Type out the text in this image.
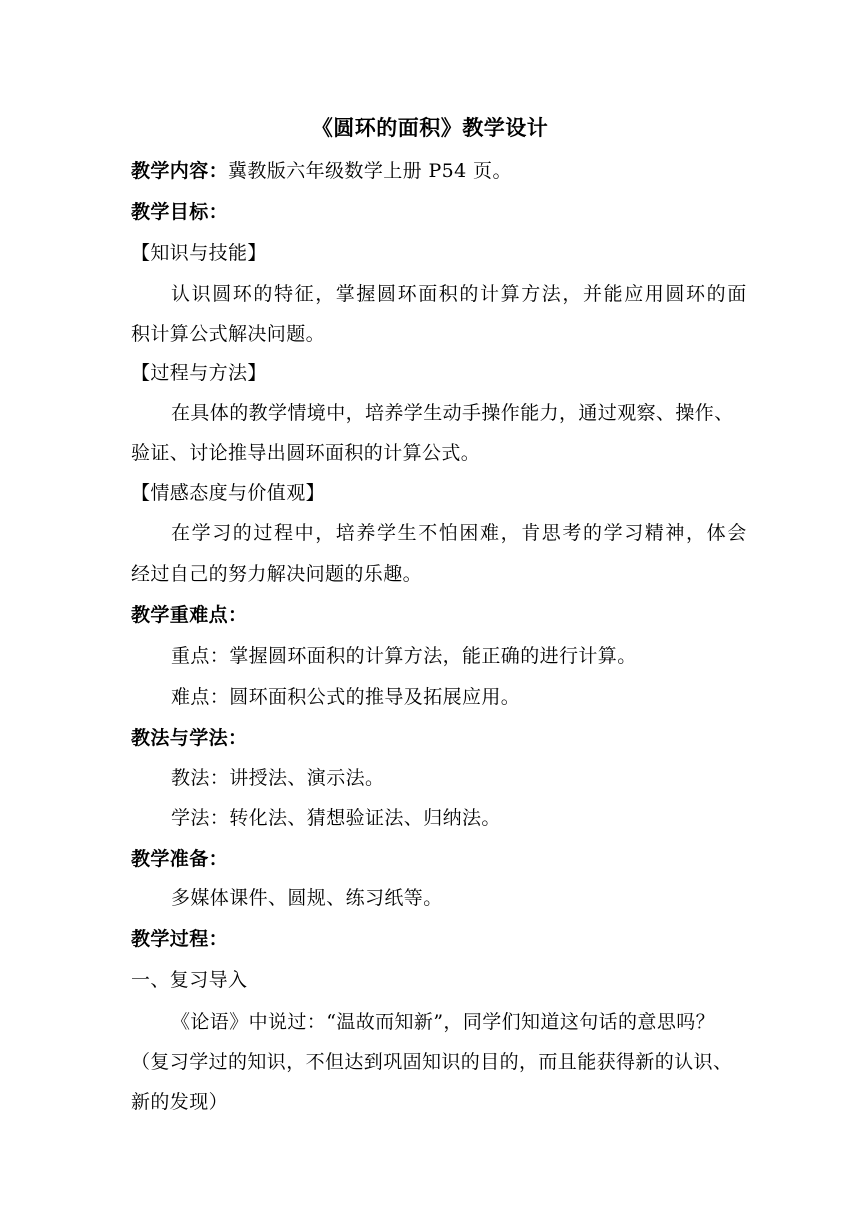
《圆环的面积》教学设计
教学内容：冀教版六年级数学上册 P54 页。
教学目标：
【知识与技能】
认识圆环的特征，掌握圆环面积的计算方法，并能应用圆环的面
积计算公式解决问题。
【过程与方法】
在具体的教学情境中，培养学生动手操作能力，通过观察、操作、
验证、讨论推导出圆环面积的计算公式。
【情感态度与价值观】
在学习的过程中，培养学生不怕困难，肯思考的学习精神，体会
经过自己的努力解决问题的乐趣。
教学重难点：
重点：掌握圆环面积的计算方法，能正确的进行计算。
难点：圆环面积公式的推导及拓展应用。
教法与学法：
教法：讲授法、演示法。
学法：转化法、猜想验证法、归纳法。
教学准备：
多媒体课件、圆规、练习纸等。
教学过程：
一、复习导入
《论语》中说过：“温故而知新”，同学们知道这句话的意思吗？
（复习学过的知识，不但达到巩固知识的目的，而且能获得新的认识、
新的发现）
